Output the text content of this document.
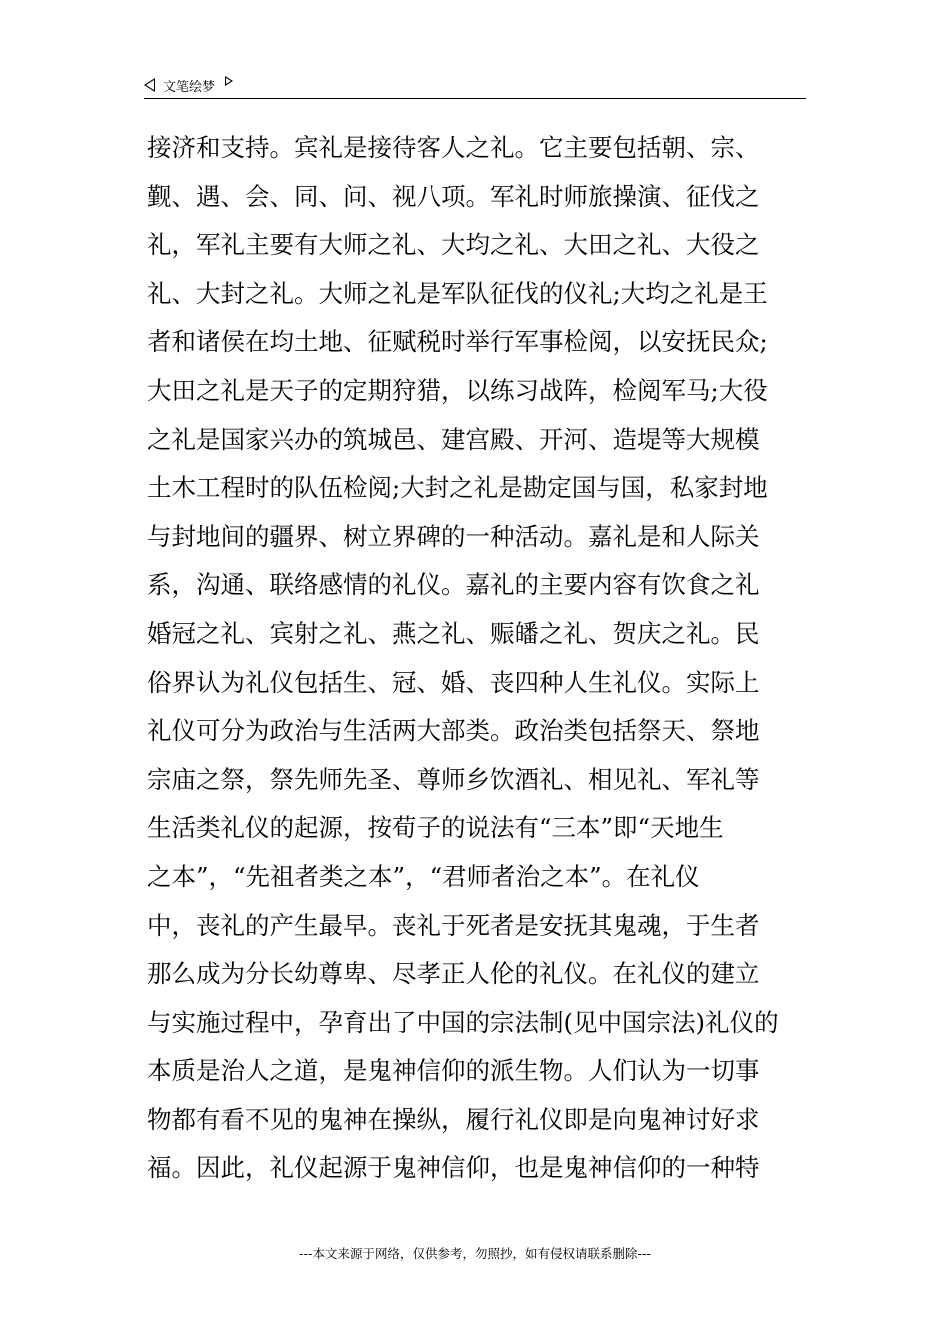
文笔绘梦
接济和支持。宾礼是接待客人之礼。它主要包括朝、宗、
觐、遇、会、同、问、视八项。军礼时师旅操演、征伐之
礼，军礼主要有大师之礼、大均之礼、大田之礼、大役之
礼、大封之礼。大师之礼是军队征伐的仪礼;大均之礼是王
者和诸侯在均土地、征赋税时举行军事检阅，以安抚民众;
大田之礼是天子的定期狩猎，以练习战阵，检阅军马;大役
之礼是国家兴办的筑城邑、建宫殿、开河、造堤等大规模
土木工程时的队伍检阅;大封之礼是勘定国与国，私家封地
与封地间的疆界、树立界碑的一种活动。嘉礼是和人际关
系，沟通、联络感情的礼仪。嘉礼的主要内容有饮食之礼
婚冠之礼、宾射之礼、燕之礼、赈皤之礼、贺庆之礼。民
俗界认为礼仪包括生、冠、婚、丧四种人生礼仪。实际上
礼仪可分为政治与生活两大部类。政治类包括祭天、祭地
宗庙之祭，祭先师先圣、尊师乡饮酒礼、相见礼、军礼等
生活类礼仪的起源，按荀子的说法有“三本”即“天地生
之本”，“先祖者类之本”，“君师者治之本”。在礼仪
中，丧礼的产生最早。丧礼于死者是安抚其鬼魂，于生者
那么成为分长幼尊卑、尽孝正人伦的礼仪。在礼仪的建立
与实施过程中，孕育出了中国的宗法制(见中国宗法)礼仪的
本质是治人之道，是鬼神信仰的派生物。人们认为一切事
物都有看不见的鬼神在操纵，履行礼仪即是向鬼神讨好求
福。因此，礼仪起源于鬼神信仰，也是鬼神信仰的一种特
---本文来源于网络，仅供参考，勿照抄，如有侵权请联系删除---
